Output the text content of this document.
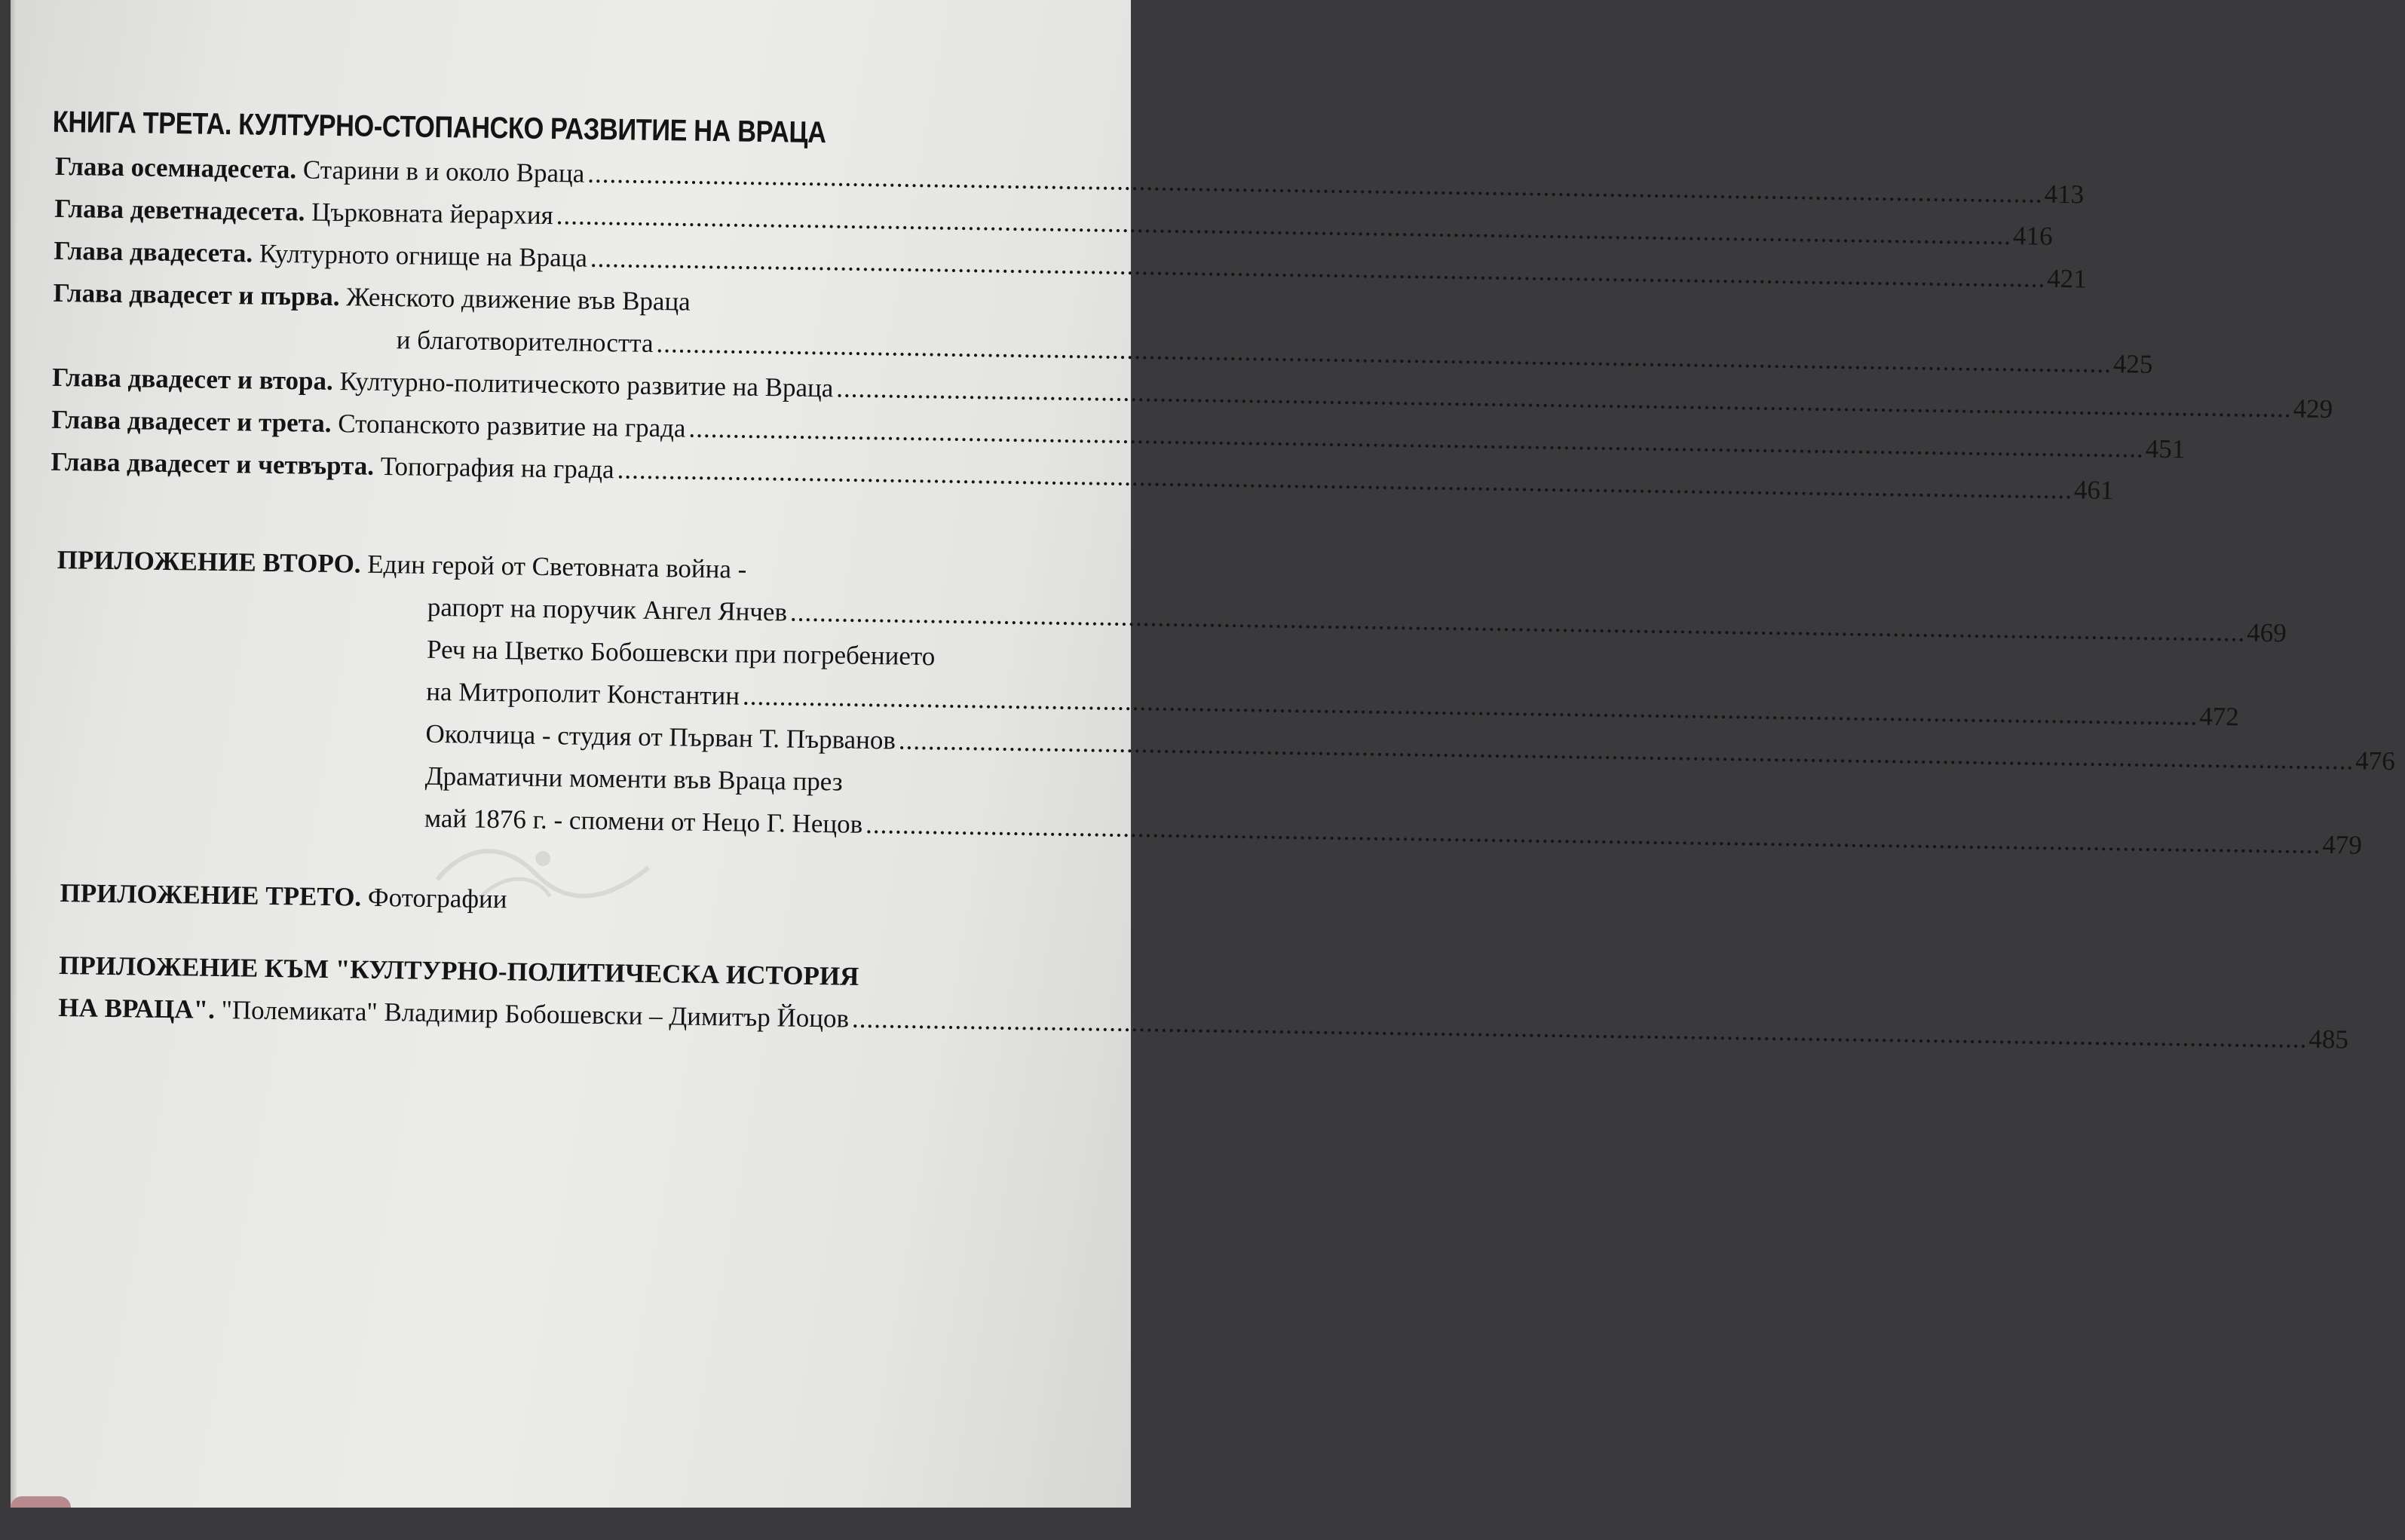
КНИГА ТРЕТА. КУЛТУРНО-СТОПАНСКО РАЗВИТИЕ НА ВРАЦА
Глава осемнадесета.
Старини в и около Враца ...................................................................................................................................................................................................... 413
Глава деветнадесета.
Църковната йерархия ...................................................................................................................................................................................................... 416
Глава двадесета.
Културното огнище на Враца ...................................................................................................................................................................................................... 421
Глава двадесет и първа. Женското движение във Враца
и благотворителността ...................................................................................................................................................................................................... 425
Глава двадесет и втора.
Културно-политическото развитие на Враца ...................................................................................................................................................................................................... 429
Глава двадесет и трета.
Стопанското развитие на града ...................................................................................................................................................................................................... 451
Глава двадесет и четвърта.
Топография на града ...................................................................................................................................................................................................... 461
ПРИЛОЖЕНИЕ ВТОРО. Един герой от Световната война -
рапорт на поручик Ангел Янчев ...................................................................................................................................................................................................... 469
Реч на Цветко Бобошевски при погребението
на Митрополит Константин ...................................................................................................................................................................................................... 472
Околчица - студия от Първан Т. Първанов ...................................................................................................................................................................................................... 476
Драматични моменти във Враца през
май 1876 г. - спомени от Нецо Г. Нецов ...................................................................................................................................................................................................... 479
ПРИЛОЖЕНИЕ ТРЕТО. Фотографии
ПРИЛОЖЕНИЕ КЪМ "КУЛТУРНО-ПОЛИТИЧЕСКА ИСТОРИЯ
НА ВРАЦА".
"Полемиката" Владимир Бобошевски – Димитър Йоцов ...................................................................................................................................................................................................... 485
